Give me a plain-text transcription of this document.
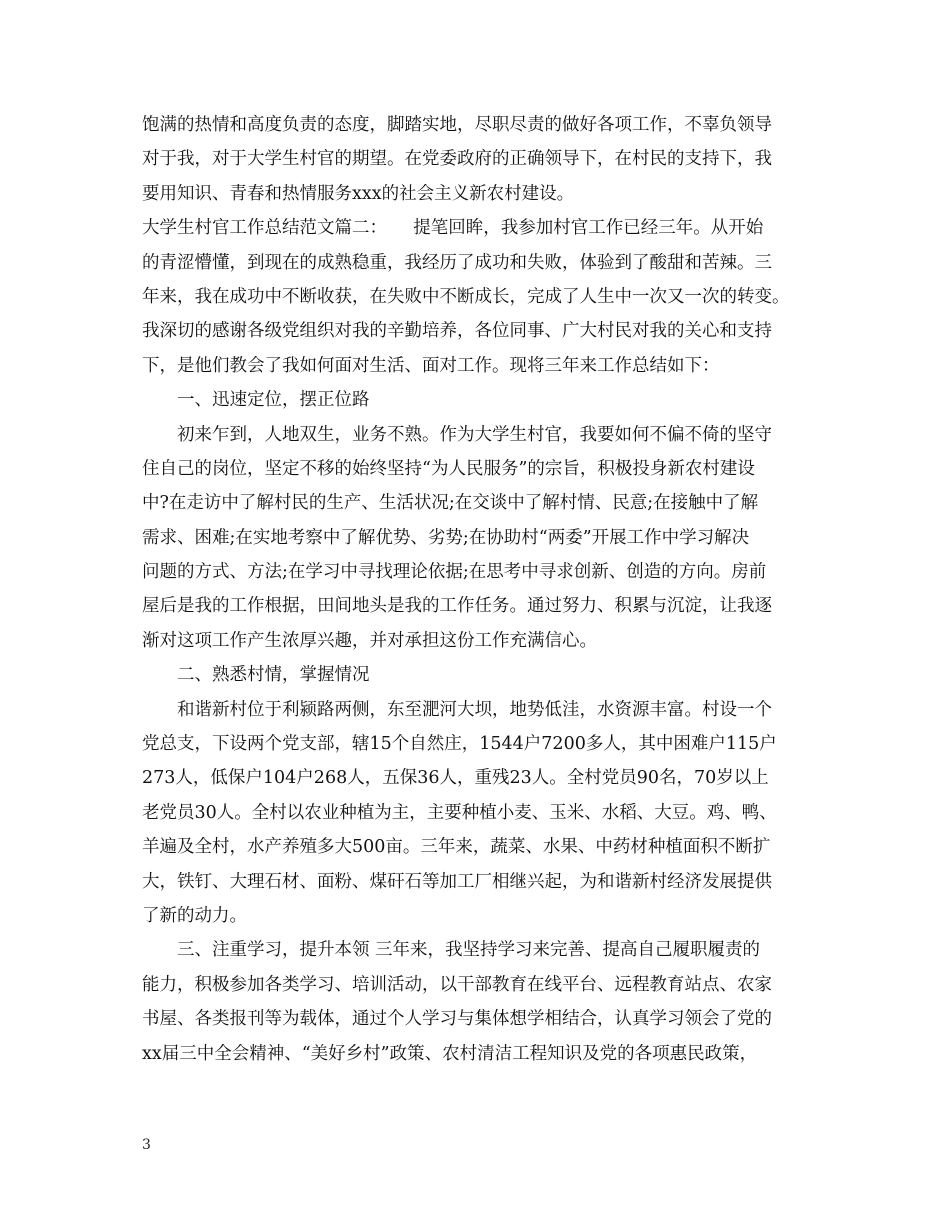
饱满的热情和高度负责的态度，脚踏实地，尽职尽责的做好各项工作，不辜负领导
对于我，对于大学生村官的期望。在党委政府的正确领导下，在村民的支持下，我
要用知识、青春和热情服务xxx的社会主义新农村建设。
大学生村官工作总结范文篇二：　　提笔回眸，我参加村官工作已经三年。从开始
的青涩懵懂，到现在的成熟稳重，我经历了成功和失败，体验到了酸甜和苦辣。三
年来，我在成功中不断收获，在失败中不断成长，完成了人生中一次又一次的转变。
我深切的感谢各级党组织对我的辛勤培养，各位同事、广大村民对我的关心和支持
下，是他们教会了我如何面对生活、面对工作。现将三年来工作总结如下：
一、迅速定位，摆正位路
初来乍到，人地双生，业务不熟。作为大学生村官，我要如何不偏不倚的坚守
住自己的岗位，坚定不移的始终坚持“为人民服务”的宗旨，积极投身新农村建设
中?在走访中了解村民的生产、生活状况;在交谈中了解村情、民意;在接触中了解
需求、困难;在实地考察中了解优势、劣势;在协助村“两委”开展工作中学习解决
问题的方式、方法;在学习中寻找理论依据;在思考中寻求创新、创造的方向。房前
屋后是我的工作根据，田间地头是我的工作任务。通过努力、积累与沉淀，让我逐
渐对这项工作产生浓厚兴趣，并对承担这份工作充满信心。
二、熟悉村情，掌握情况
和谐新村位于利颍路两侧，东至淝河大坝，地势低洼，水资源丰富。村设一个
党总支，下设两个党支部，辖15个自然庄，1544户7200多人，其中困难户115户
273人，低保户104户268人，五保36人，重残23人。全村党员90名，70岁以上
老党员30人。全村以农业种植为主，主要种植小麦、玉米、水稻、大豆。鸡、鸭、
羊遍及全村，水产养殖多大500亩。三年来，蔬菜、水果、中药材种植面积不断扩
大，铁钉、大理石材、面粉、煤矸石等加工厂相继兴起，为和谐新村经济发展提供
了新的动力。
三、注重学习，提升本领 三年来，我坚持学习来完善、提高自己履职履责的
能力，积极参加各类学习、培训活动，以干部教育在线平台、远程教育站点、农家
书屋、各类报刊等为载体，通过个人学习与集体想学相结合，认真学习领会了党的
xx届三中全会精神、“美好乡村”政策、农村清洁工程知识及党的各项惠民政策，
3
